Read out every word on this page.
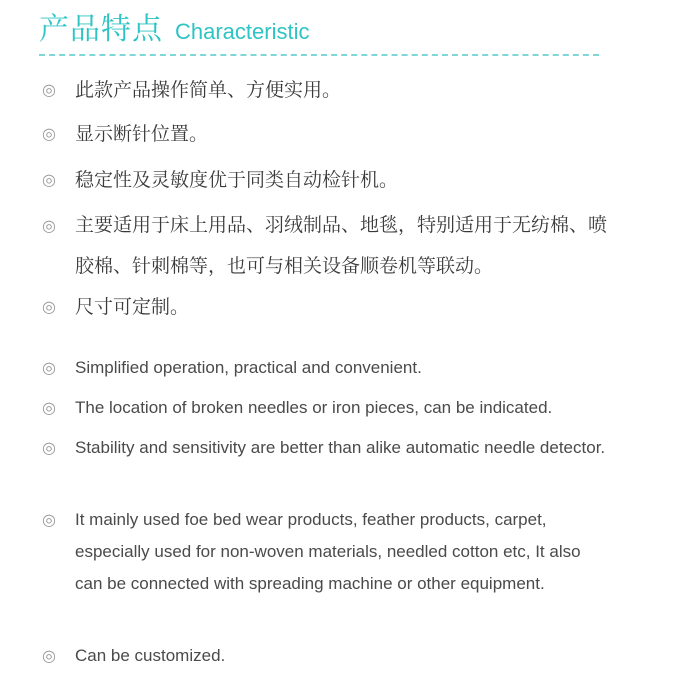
产品特点 Characteristic
◎ 此款产品操作简单、方便实用。
◎ 显示断针位置。
◎ 稳定性及灵敏度优于同类自动检针机。
◎ 主要适用于床上用品、羽绒制品、地毯，特别适用于无纺棉、喷胶棉、针刺棉等，也可与相关设备顺卷机等联动。
◎ 尺寸可定制。
◎ Simplified operation, practical and convenient.
◎ The location of broken needles or iron pieces, can be indicated.
◎ Stability and sensitivity are better than alike automatic needle detector.
◎ It mainly used foe bed wear products, feather products, carpet, especially used for non-woven materials, needled cotton etc, It also can be connected with spreading machine or other equipment.
◎ Can be customized.
